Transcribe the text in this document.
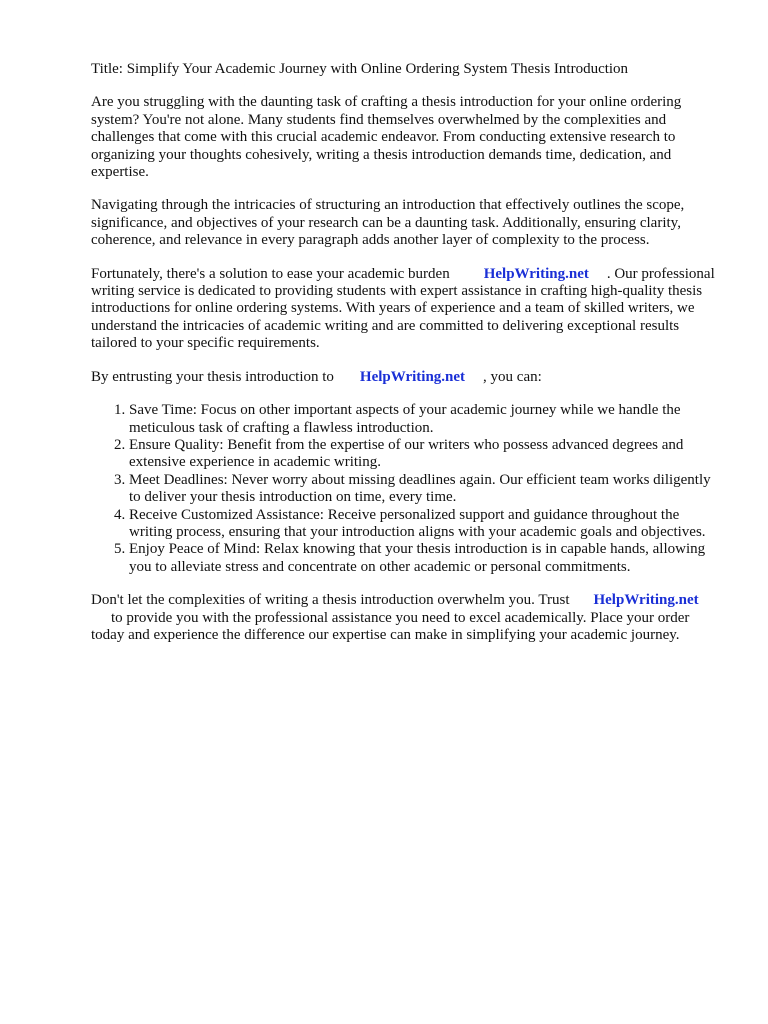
Title: Simplify Your Academic Journey with Online Ordering System Thesis Introduction

Are you struggling with the daunting task of crafting a thesis introduction for your online ordering system? You're not alone. Many students find themselves overwhelmed by the complexities and challenges that come with this crucial academic endeavor. From conducting extensive research to organizing your thoughts cohesively, writing a thesis introduction demands time, dedication, and expertise.

Navigating through the intricacies of structuring an introduction that effectively outlines the scope, significance, and objectives of your research can be a daunting task. Additionally, ensuring clarity, coherence, and relevance in every paragraph adds another layer of complexity to the process.

Fortunately, there's a solution to ease your academic burden HelpWriting.net . Our professional writing service is dedicated to providing students with expert assistance in crafting high-quality thesis introductions for online ordering systems. With years of experience and a team of skilled writers, we understand the intricacies of academic writing and are committed to delivering exceptional results tailored to your specific requirements.

By entrusting your thesis introduction to HelpWriting.net , you can:

1. Save Time: Focus on other important aspects of your academic journey while we handle the meticulous task of crafting a flawless introduction.
2. Ensure Quality: Benefit from the expertise of our writers who possess advanced degrees and extensive experience in academic writing.
3. Meet Deadlines: Never worry about missing deadlines again. Our efficient team works diligently to deliver your thesis introduction on time, every time.
4. Receive Customized Assistance: Receive personalized support and guidance throughout the writing process, ensuring that your introduction aligns with your academic goals and objectives.
5. Enjoy Peace of Mind: Relax knowing that your thesis introduction is in capable hands, allowing you to alleviate stress and concentrate on other academic or personal commitments.

Don't let the complexities of writing a thesis introduction overwhelm you. Trust HelpWriting.net
to provide you with the professional assistance you need to excel academically. Place your order today and experience the difference our expertise can make in simplifying your academic journey.
